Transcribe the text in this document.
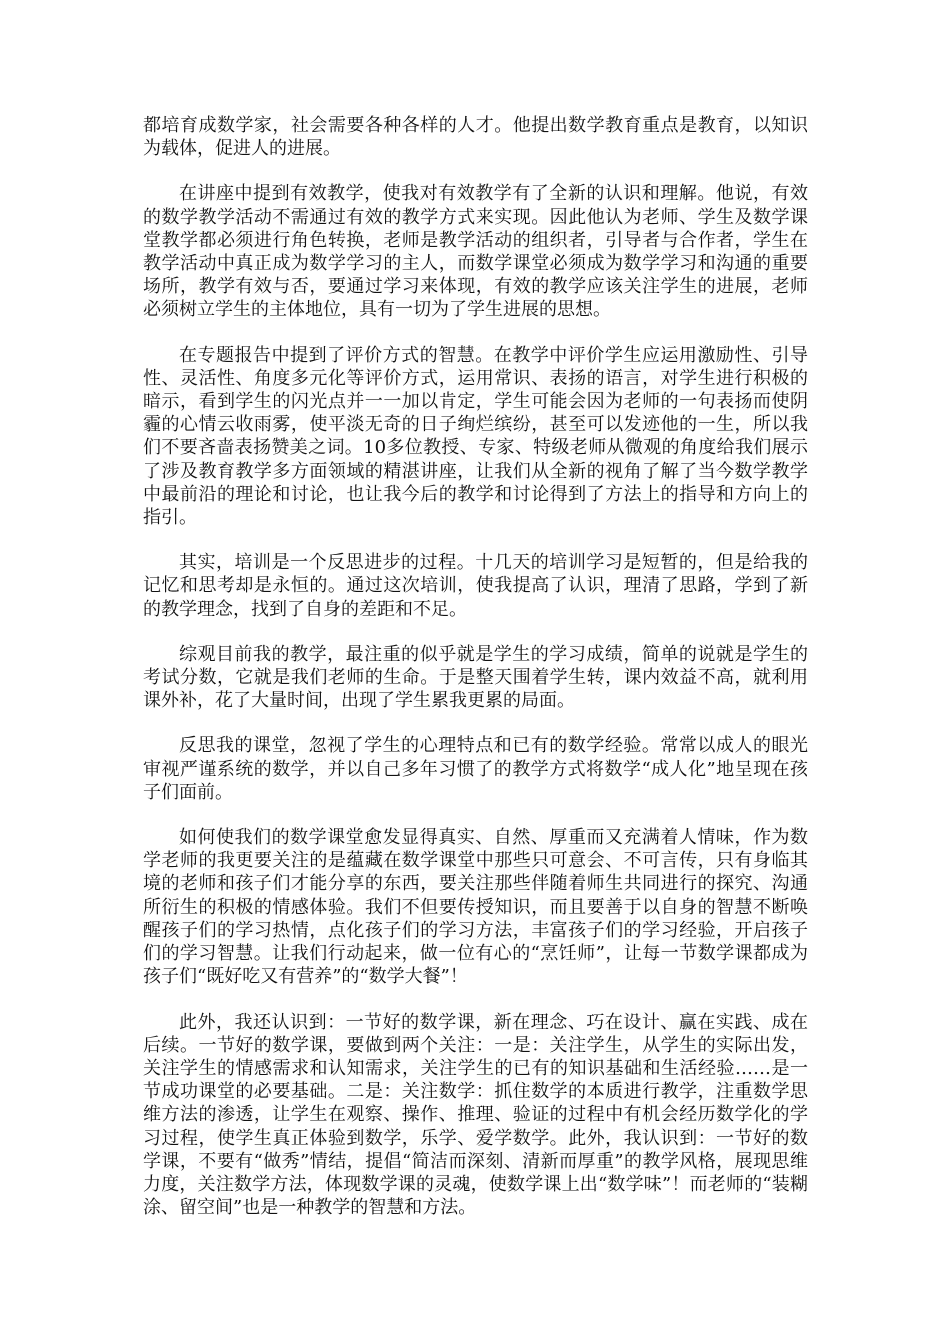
都培育成数学家，社会需要各种各样的人才。他提出数学教育重点是教育，以知识为载体，促进人的进展。

在讲座中提到有效教学，使我对有效教学有了全新的认识和理解。他说，有效的数学教学活动不需通过有效的教学方式来实现。因此他认为老师、学生及数学课堂教学都必须进行角色转换，老师是教学活动的组织者，引导者与合作者，学生在教学活动中真正成为数学学习的主人，而数学课堂必须成为数学学习和沟通的重要场所，教学有效与否，要通过学习来体现，有效的教学应该关注学生的进展，老师必须树立学生的主体地位，具有一切为了学生进展的思想。

在专题报告中提到了评价方式的智慧。在教学中评价学生应运用激励性、引导性、灵活性、角度多元化等评价方式，运用常识、表扬的语言，对学生进行积极的暗示，看到学生的闪光点并一一加以肯定，学生可能会因为老师的一句表扬而使阴霾的心情云收雨雾，使平淡无奇的日子绚烂缤纷，甚至可以发迹他的一生，所以我们不要吝啬表扬赞美之词。10多位教授、专家、特级老师从微观的角度给我们展示了涉及教育教学多方面领域的精湛讲座，让我们从全新的视角了解了当今数学教学中最前沿的理论和讨论，也让我今后的教学和讨论得到了方法上的指导和方向上的指引。

其实，培训是一个反思进步的过程。十几天的培训学习是短暂的，但是给我的记忆和思考却是永恒的。通过这次培训，使我提高了认识，理清了思路，学到了新的教学理念，找到了自身的差距和不足。

综观目前我的教学，最注重的似乎就是学生的学习成绩，简单的说就是学生的考试分数，它就是我们老师的生命。于是整天围着学生转，课内效益不高，就利用课外补，花了大量时间，出现了学生累我更累的局面。

反思我的课堂，忽视了学生的心理特点和已有的数学经验。常常以成人的眼光审视严谨系统的数学，并以自己多年习惯了的教学方式将数学“成人化”地呈现在孩子们面前。

如何使我们的数学课堂愈发显得真实、自然、厚重而又充满着人情味，作为数学老师的我更要关注的是蕴藏在数学课堂中那些只可意会、不可言传，只有身临其境的老师和孩子们才能分享的东西，要关注那些伴随着师生共同进行的探究、沟通所衍生的积极的情感体验。我们不但要传授知识，而且要善于以自身的智慧不断唤醒孩子们的学习热情，点化孩子们的学习方法，丰富孩子们的学习经验，开启孩子们的学习智慧。让我们行动起来，做一位有心的“烹饪师”，让每一节数学课都成为孩子们“既好吃又有营养”的“数学大餐”！

此外，我还认识到：一节好的数学课，新在理念、巧在设计、赢在实践、成在后续。一节好的数学课，要做到两个关注：一是：关注学生，从学生的实际出发，关注学生的情感需求和认知需求，关注学生的已有的知识基础和生活经验……是一节成功课堂的必要基础。二是：关注数学：抓住数学的本质进行教学，注重数学思维方法的渗透，让学生在观察、操作、推理、验证的过程中有机会经历数学化的学习过程，使学生真正体验到数学，乐学、爱学数学。此外，我认识到：一节好的数学课，不要有“做秀”情结，提倡“简洁而深刻、清新而厚重”的教学风格，展现思维力度，关注数学方法，体现数学课的灵魂，使数学课上出“数学味”！而老师的“装糊涂、留空间”也是一种教学的智慧和方法。
